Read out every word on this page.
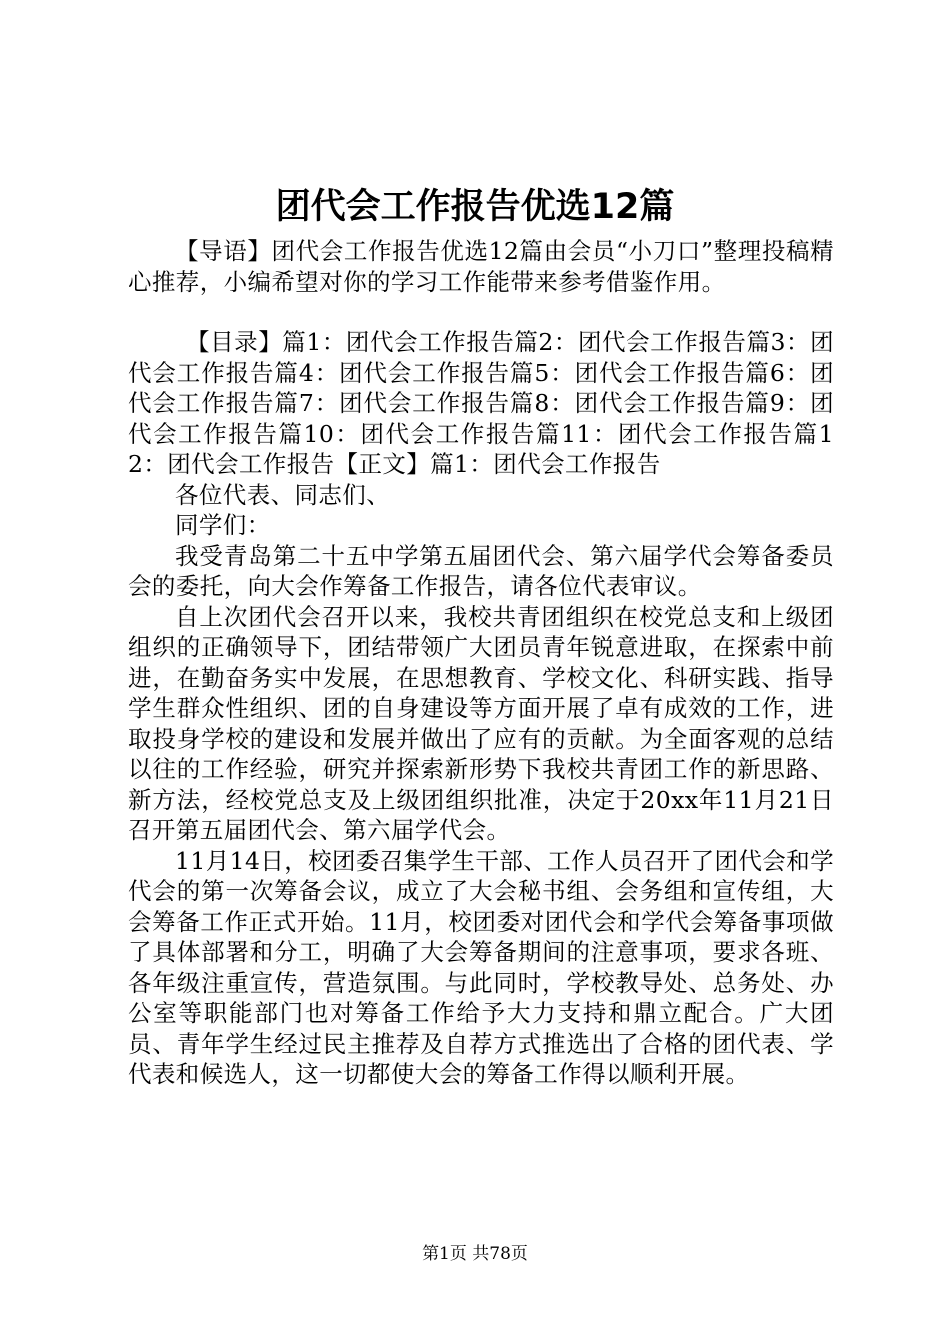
团代会工作报告优选12篇

【导语】团代会工作报告优选12篇由会员“小刀口”整理投稿精心推荐，小编希望对你的学习工作能带来参考借鉴作用。

【目录】篇1：团代会工作报告篇2：团代会工作报告篇3：团代会工作报告篇4：团代会工作报告篇5：团代会工作报告篇6：团代会工作报告篇7：团代会工作报告篇8：团代会工作报告篇9：团代会工作报告篇10：团代会工作报告篇11：团代会工作报告篇12：团代会工作报告【正文】篇1：团代会工作报告

各位代表、同志们、

同学们：

我受青岛第二十五中学第五届团代会、第六届学代会筹备委员会的委托，向大会作筹备工作报告，请各位代表审议。

自上次团代会召开以来，我校共青团组织在校党总支和上级团组织的正确领导下，团结带领广大团员青年锐意进取，在探索中前进，在勤奋务实中发展，在思想教育、学校文化、科研实践、指导学生群众性组织、团的自身建设等方面开展了卓有成效的工作，进取投身学校的建设和发展并做出了应有的贡献。为全面客观的总结以往的工作经验，研究并探索新形势下我校共青团工作的新思路、新方法，经校党总支及上级团组织批准，决定于20xx年11月21日召开第五届团代会、第六届学代会。

11月14日，校团委召集学生干部、工作人员召开了团代会和学代会的第一次筹备会议，成立了大会秘书组、会务组和宣传组，大会筹备工作正式开始。11月，校团委对团代会和学代会筹备事项做了具体部署和分工，明确了大会筹备期间的注意事项，要求各班、各年级注重宣传，营造氛围。与此同时，学校教导处、总务处、办公室等职能部门也对筹备工作给予大力支持和鼎立配合。广大团员、青年学生经过民主推荐及自荐方式推选出了合格的团代表、学代表和候选人，这一切都使大会的筹备工作得以顺利开展。

第1页 共78页
